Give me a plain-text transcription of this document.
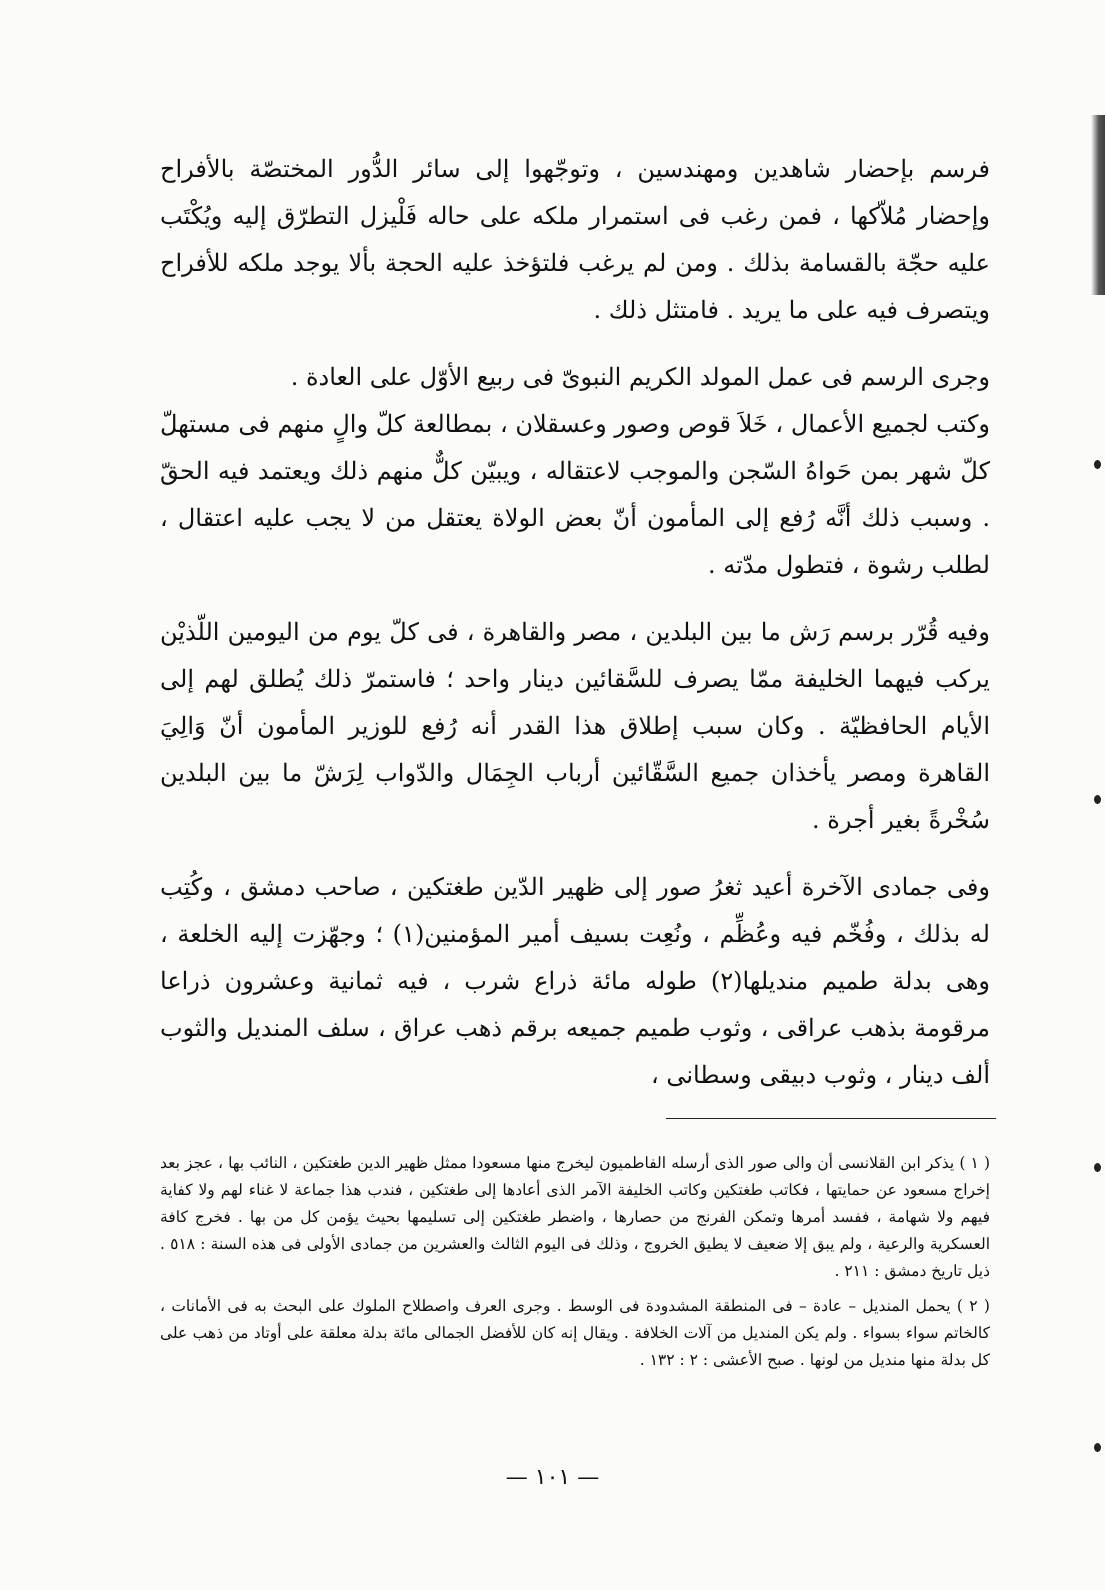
فرسم بإحضار شاهدين ومهندسين ، وتوجّهوا إلى سائر الدُّور المختصّة بالأفراح وإحضار مُلاّكها ، فمن رغب فى استمرار ملكه على حاله فَلْيزل التطرّق إليه ويُكْتَب عليه حجّة بالقسامة بذلك . ومن لم يرغب فلتؤخذ عليه الحجة بألا يوجد ملكه للأفراح ويتصرف فيه على ما يريد . فامتثل ذلك .

وجرى الرسم فى عمل المولد الكريم النبوىّ فى ربيع الأوّل على العادة .

وكتب لجميع الأعمال ، خَلاَ قوص وصور وعسقلان ، بمطالعة كلّ والٍ منهم فى مستهلّ كلّ شهر بمن حَواهُ السّجن والموجب لاعتقاله ، ويبيّن كلٌّ منهم ذلك ويعتمد فيه الحقّ . وسبب ذلك أنَّه رُفع إلى المأمون أنّ بعض الولاة يعتقل من لا يجب عليه اعتقال ، لطلب رشوة ، فتطول مدّته .

وفيه قُرّر برسم رَش ما بين البلدين ، مصر والقاهرة ، فى كلّ يوم من اليومين اللّذيْن يركب فيهما الخليفة ممّا يصرف للسَّقائين دينار واحد ؛ فاستمرّ ذلك يُطلق لهم إلى الأيام الحافظيّة . وكان سبب إطلاق هذا القدر أنه رُفع للوزير المأمون أنّ وَالِيَ القاهرة ومصر يأخذان جميع السَّقّائين أرباب الجِمَال والدّواب لِرَشّ ما بين البلدين سُخْرةً بغير أجرة .

وفى جمادى الآخرة أعيد ثغرُ صور إلى ظهير الدّين طغتكين ، صاحب دمشق ، وكُتِب له بذلك ، وفُخّم فيه وعُظِّم ، ونُعِت بسيف أمير المؤمنين(١) ؛ وجهّزت إليه الخلعة ، وهى بدلة طميم منديلها(٢) طوله مائة ذراع شرب ، فيه ثمانية وعشرون ذراعا مرقومة بذهب عراقى ، وثوب طميم جميعه برقم ذهب عراق ، سلف المنديل والثوب ألف دينار ، وثوب دبيقى وسطانى ،

( ١ ) يذكر ابن القلانسى أن والى صور الذى أرسله الفاطميون ليخرج منها مسعودا ممثل ظهير الدين طغتكين ، النائب بها ، عجز بعد إخراج مسعود عن حمايتها ، فكاتب طغتكين وكاتب الخليفة الآمر الذى أعادها إلى طغتكين ، فندب هذا جماعة لا غناء لهم ولا كفاية فيهم ولا شهامة ، ففسد أمرها وتمكن الفرنج من حصارها ، واضطر طغتكين إلى تسليمها بحيث يؤمن كل من بها . فخرج كافة العسكرية والرعية ، ولم يبق إلا ضعيف لا يطيق الخروج ، وذلك فى اليوم الثالث والعشرين من جمادى الأولى فى هذه السنة : ٥١٨ . ذيل تاريخ دمشق : ٢١١ .

( ٢ ) يحمل المنديل – عادة – فى المنطقة المشدودة فى الوسط . وجرى العرف واصطلاح الملوك على البحث به فى الأمانات ، كالخاتم سواء بسواء . ولم يكن المنديل من آلات الخلافة . ويقال إنه كان للأفضل الجمالى مائة بدلة معلقة على أوتاد من ذهب على كل بدلة منها منديل من لونها . صبح الأعشى : ٢ : ١٣٢ .

— ١٠١ —
